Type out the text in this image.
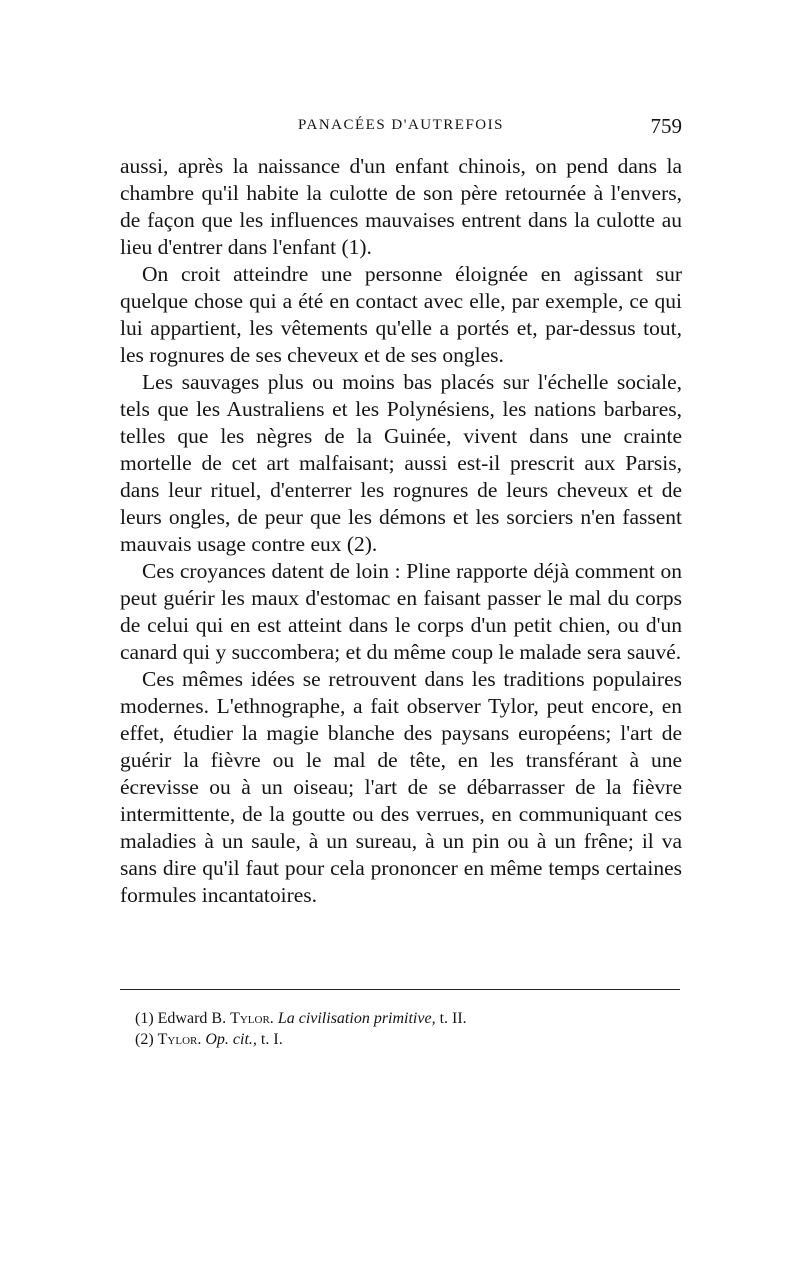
PANACÉES D'AUTREFOIS	759

aussi, après la naissance d'un enfant chinois, on pend dans la chambre qu'il habite la culotte de son père retournée à l'envers, de façon que les influences mauvaises entrent dans la culotte au lieu d'entrer dans l'enfant (1).

On croit atteindre une personne éloignée en agissant sur quelque chose qui a été en contact avec elle, par exemple, ce qui lui appartient, les vêtements qu'elle a portés et, par-dessus tout, les rognures de ses cheveux et de ses ongles.

Les sauvages plus ou moins bas placés sur l'échelle sociale, tels que les Australiens et les Polynésiens, les nations barbares, telles que les nègres de la Guinée, vivent dans une crainte mortelle de cet art malfaisant; aussi est-il prescrit aux Parsis, dans leur rituel, d'enterrer les rognures de leurs cheveux et de leurs ongles, de peur que les démons et les sorciers n'en fassent mauvais usage contre eux (2).

Ces croyances datent de loin : Pline rapporte déjà comment on peut guérir les maux d'estomac en faisant passer le mal du corps de celui qui en est atteint dans le corps d'un petit chien, ou d'un canard qui y succombera; et du même coup le malade sera sauvé.

Ces mêmes idées se retrouvent dans les traditions populaires modernes. L'ethnographe, a fait observer Tylor, peut encore, en effet, étudier la magie blanche des paysans européens; l'art de guérir la fièvre ou le mal de tête, en les transférant à une écrevisse ou à un oiseau; l'art de se débarrasser de la fièvre intermittente, de la goutte ou des verrues, en communiquant ces maladies à un saule, à un sureau, à un pin ou à un frêne; il va sans dire qu'il faut pour cela prononcer en même temps certaines formules incantatoires.

(1) Edward B. Tylor. La civilisation primitive, t. II.

(2) Tylor. Op. cit., t. I.
